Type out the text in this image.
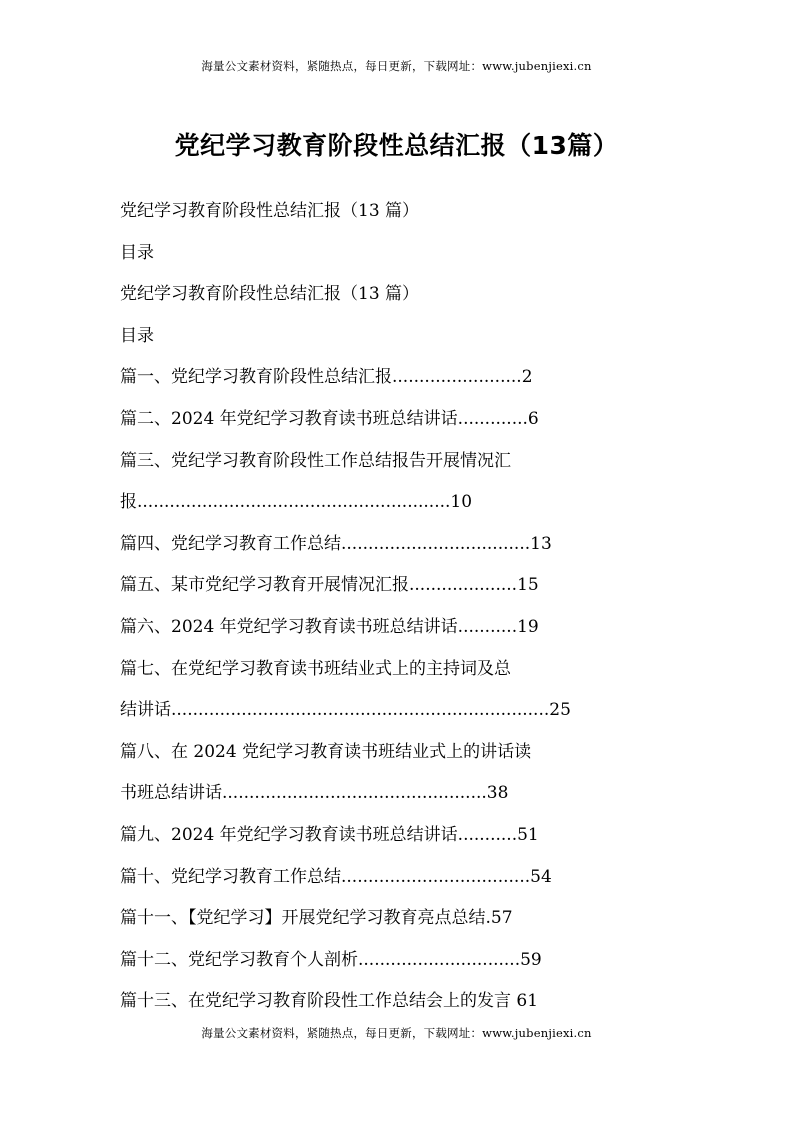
海量公文素材资料，紧随热点，每日更新，下载网址：www.jubenjiexi.cn
党纪学习教育阶段性总结汇报（13篇）
党纪学习教育阶段性总结汇报（13 篇）
目录
党纪学习教育阶段性总结汇报（13 篇）
目录
篇一、党纪学习教育阶段性总结汇报........................2
篇二、2024 年党纪学习教育读书班总结讲话.............6
篇三、党纪学习教育阶段性工作总结报告开展情况汇
报..........................................................10
篇四、党纪学习教育工作总结...................................13
篇五、某市党纪学习教育开展情况汇报....................15
篇六、2024 年党纪学习教育读书班总结讲话...........19
篇七、在党纪学习教育读书班结业式上的主持词及总
结讲话......................................................................25
篇八、在 2024 党纪学习教育读书班结业式上的讲话读
书班总结讲话.................................................38
篇九、2024 年党纪学习教育读书班总结讲话...........51
篇十、党纪学习教育工作总结...................................54
篇十一、【党纪学习】开展党纪学习教育亮点总结.57
篇十二、党纪学习教育个人剖析..............................59
篇十三、在党纪学习教育阶段性工作总结会上的发言 61
海量公文素材资料，紧随热点，每日更新，下载网址：www.jubenjiexi.cn
